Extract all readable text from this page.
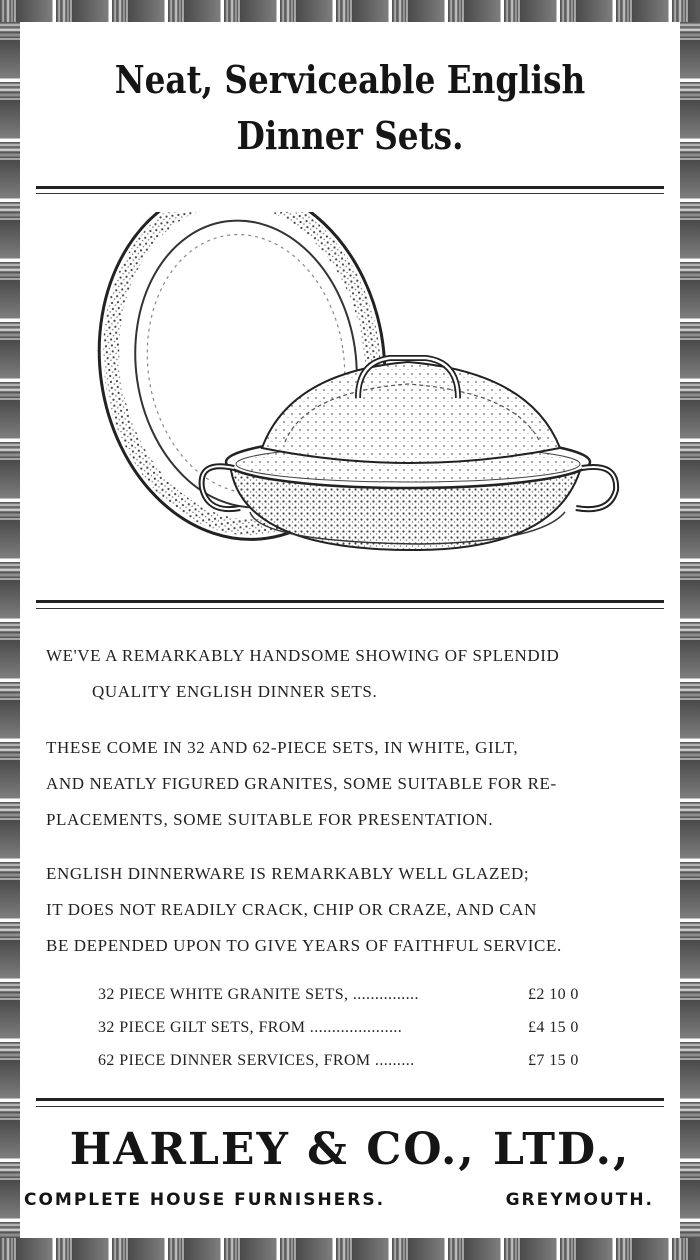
Neat, Serviceable English
Dinner Sets.
WE'VE A REMARKABLY HANDSOME SHOWING OF SPLENDID
QUALITY ENGLISH DINNER SETS.
THESE COME IN 32 AND 62-PIECE SETS, IN WHITE, GILT,
AND NEATLY FIGURED GRANITES, SOME SUITABLE FOR RE-
PLACEMENTS, SOME SUITABLE FOR PRESENTATION.
ENGLISH DINNERWARE IS REMARKABLY WELL GLAZED;
IT DOES NOT READILY CRACK, CHIP OR CRAZE, AND CAN
BE DEPENDED UPON TO GIVE YEARS OF FAITHFUL SERVICE.
32 PIECE WHITE GRANITE SETS, ...............	£2 10 0
32 PIECE GILT SETS, FROM .....................	£4 15 0
62 PIECE DINNER SERVICES, FROM .........	£7 15 0
HARLEY & CO., LTD.,
COMPLETE HOUSE FURNISHERS.	GREYMOUTH.
